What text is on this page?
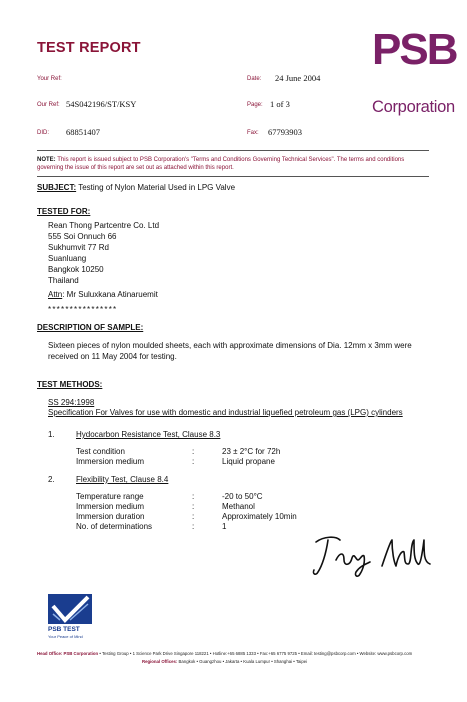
TEST REPORT	PSB
Corporation
Your Ref:	Date: 24 June 2004
Our Ref: 54S042196/ST/KSY	Page: 1 of 3
DID: 68851407	Fax: 67793903
NOTE: This report is issued subject to PSB Corporation's "Terms and Conditions Governing Technical Services". The terms and conditions governing the issue of this report are set out as attached within this report.
SUBJECT: Testing of Nylon Material Used in LPG Valve
TESTED FOR:
Rean Thong Partcentre Co. Ltd
555 Soi Onnuch 66
Sukhumvit 77 Rd
Suanluang
Bangkok 10250
Thailand
Attn: Mr Suluxkana Atinaruemit
* * * * * * * * * * * * * * * *
DESCRIPTION OF SAMPLE:
Sixteen pieces of nylon moulded sheets, each with approximate dimensions of Dia. 12mm x 3mm were received on 11 May 2004 for testing.
TEST METHODS:
SS 294:1998
Specification For Valves for use with domestic and industrial liquefied petroleum gas (LPG) cylinders
1.	Hydocarbon Resistance Test, Clause 8.3
Test condition	:	23 ± 2°C for 72h
Immersion medium	:	Liquid propane
2.	Flexibility Test, Clause 8.4
Temperature range	:	-20 to 50°C
Immersion medium	:	Methanol
Immersion duration	:	Approximately 10min
No. of determinations	:	1
PSB TEST
Your Peace of Mind
Head Office: PSB Corporation • Testing Group • 1 Science Park Drive Singapore 118221 • Hotline:+65 6885 1333 • Fax:+65 6775 9725 • Email: testing@psbcorp.com • Website: www.psbcorp.com
Regional Offices: Bangkok • Guangzhou • Jakarta • Kuala Lumpur • Shanghai • Taipei
